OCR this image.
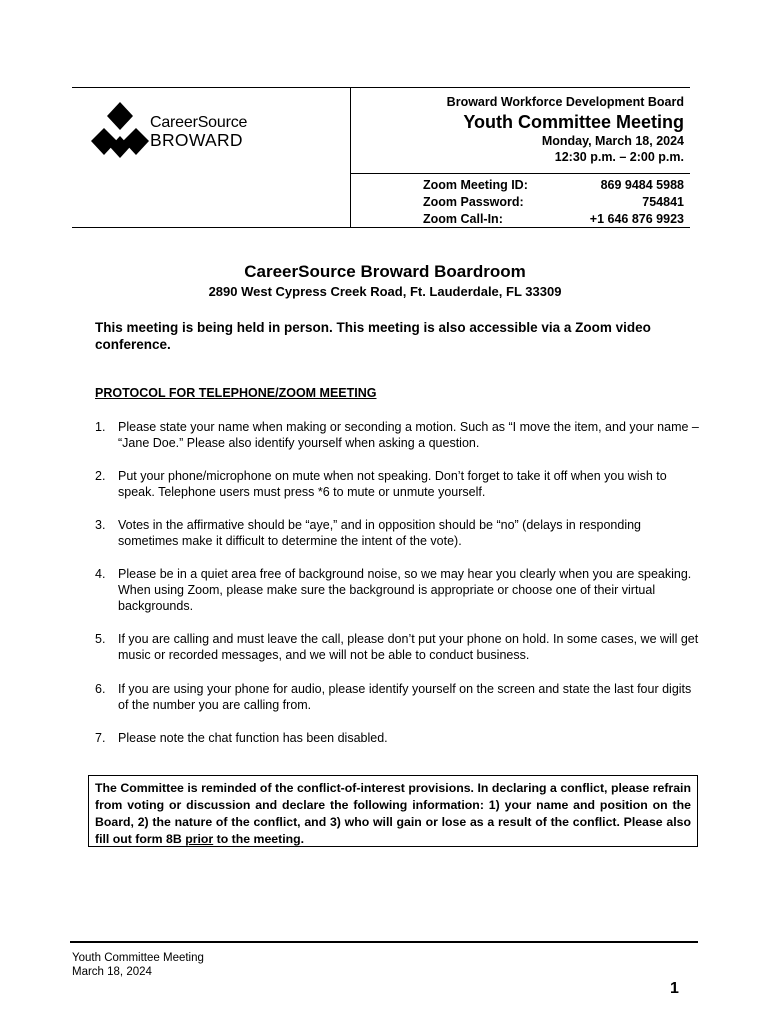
CareerSource
BROWARD
Broward Workforce Development Board
Youth Committee Meeting
Monday, March 18, 2024
12:30 p.m. – 2:00 p.m.
Zoom Meeting ID:	869 9484 5988
Zoom Password:	754841
Zoom Call-In:	+1 646 876 9923
CareerSource Broward Boardroom
2890 West Cypress Creek Road, Ft. Lauderdale, FL 33309
This meeting is being held in person. This meeting is also accessible via a Zoom video conference.
PROTOCOL FOR TELEPHONE/ZOOM MEETING
1. Please state your name when making or seconding a motion. Such as “I move the item, and your name – “Jane Doe.” Please also identify yourself when asking a question.
2. Put your phone/microphone on mute when not speaking. Don’t forget to take it off when you wish to speak. Telephone users must press *6 to mute or unmute yourself.
3. Votes in the affirmative should be “aye,” and in opposition should be “no” (delays in responding sometimes make it difficult to determine the intent of the vote).
4. Please be in a quiet area free of background noise, so we may hear you clearly when you are speaking. When using Zoom, please make sure the background is appropriate or choose one of their virtual backgrounds.
5. If you are calling and must leave the call, please don’t put your phone on hold. In some cases, we will get music or recorded messages, and we will not be able to conduct business.
6. If you are using your phone for audio, please identify yourself on the screen and state the last four digits of the number you are calling from.
7. Please note the chat function has been disabled.
The Committee is reminded of the conflict-of-interest provisions. In declaring a conflict, please refrain from voting or discussion and declare the following information: 1) your name and position on the Board, 2) the nature of the conflict, and 3) who will gain or lose as a result of the conflict. Please also fill out form 8B prior to the meeting.
Youth Committee Meeting
March 18, 2024
1
